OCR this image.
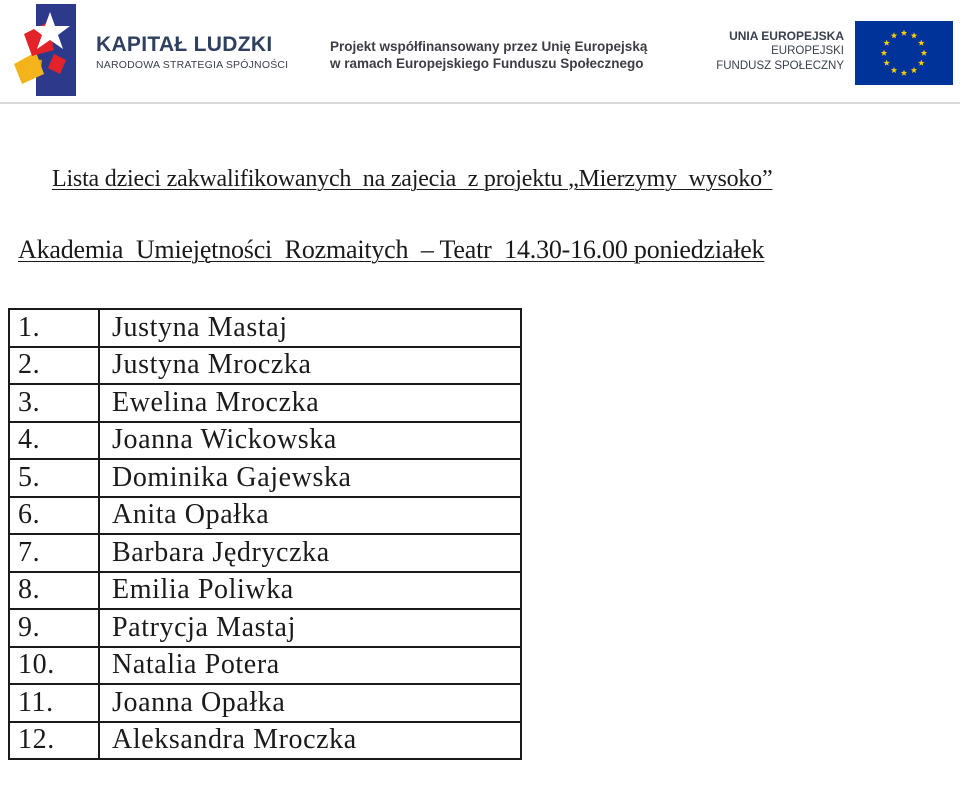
KAPITAŁ LUDZKI
NARODOWA STRATEGIA SPÓJNOŚCI
Projekt współfinansowany przez Unię Europejską
w ramach Europejskiego Funduszu Społecznego
UNIA EUROPEJSKA
EUROPEJSKI
FUNDUSZ SPOŁECZNY
Lista dzieci zakwalifikowanych  na zajecia  z projektu „Mierzymy  wysoko”
Akademia  Umiejętności  Rozmaitych  – Teatr  14.30-16.00 poniedziałek
1.	Justyna Mastaj
2.	Justyna Mroczka
3.	Ewelina Mroczka
4.	Joanna Wickowska
5.	Dominika Gajewska
6.	Anita Opałka
7.	Barbara Jędryczka
8.	Emilia Poliwka
9.	Patrycja Mastaj
10.	Natalia Potera
11.	Joanna Opałka
12.	Aleksandra Mroczka
